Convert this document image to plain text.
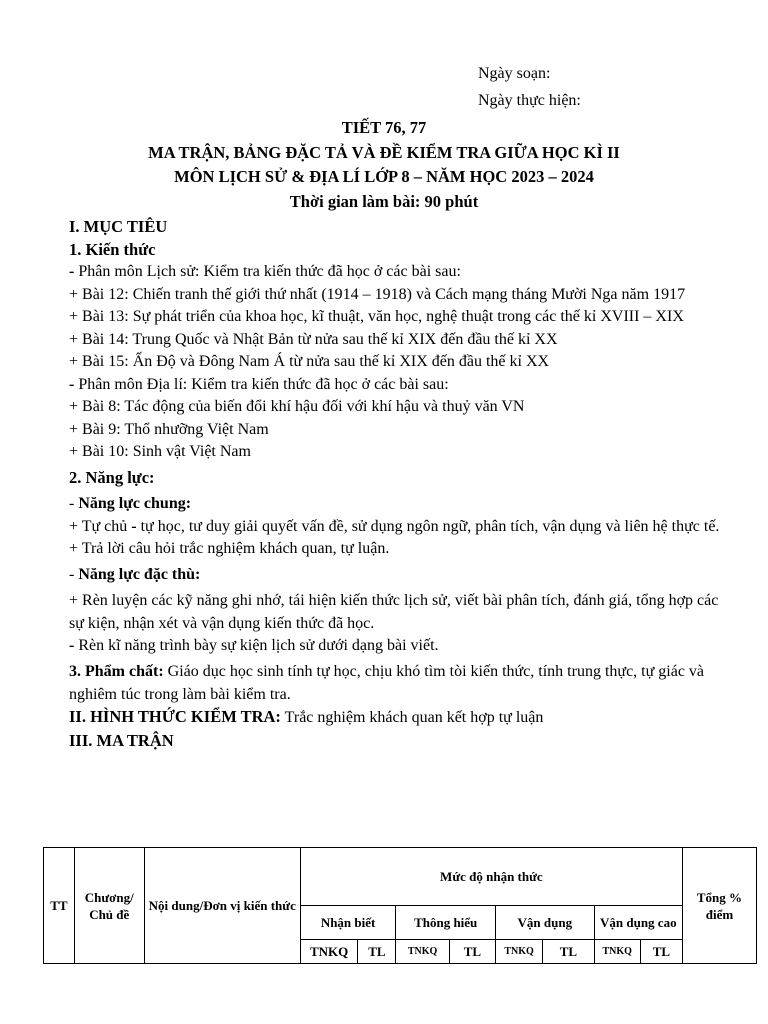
Ngày soạn:
Ngày thực hiện:
TIẾT 76, 77
MA TRẬN, BẢNG ĐẶC TẢ VÀ ĐỀ KIỂM TRA GIỮA HỌC KÌ II
MÔN LỊCH SỬ & ĐỊA LÍ LỚP 8 – NĂM HỌC 2023 – 2024
Thời gian làm bài: 90 phút

I. MỤC TIÊU

1. Kiến thức

- Phân môn Lịch sử: Kiểm tra kiến thức đã học ở các bài sau:

+ Bài 12: Chiến tranh thế giới thứ nhất (1914 – 1918) và Cách mạng tháng Mười Nga năm 1917

+ Bài 13: Sự phát triển của khoa học, kĩ thuật, văn học, nghệ thuật trong các thế kỉ XVIII – XIX

+ Bài 14: Trung Quốc và Nhật Bản từ nửa sau thế kỉ XIX đến đầu thế kỉ XX

+ Bài 15: Ấn Độ và Đông Nam Á từ nửa sau thế kỉ XIX đến đầu thế kỉ XX

- Phân môn Địa lí: Kiểm tra kiến thức đã học ở các bài sau:

+ Bài 8: Tác động của biến đổi khí hậu đối với khí hậu và thuỷ văn VN

+ Bài 9: Thổ nhưỡng Việt Nam

+ Bài 10: Sinh vật Việt Nam

2. Năng lực:

- Năng lực chung:

+ Tự chủ - tự học, tư duy giải quyết vấn đề, sử dụng ngôn ngữ, phân tích, vận dụng và liên hệ thực tế.

+ Trả lời câu hỏi trắc nghiệm khách quan, tự luận.

- Năng lực đặc thù:

+ Rèn luyện các kỹ năng ghi nhớ, tái hiện kiến thức lịch sử, viết bài phân tích, đánh giá, tổng hợp các sự kiện, nhận xét và vận dụng kiến thức đã học.

- Rèn kĩ năng trình bày sự kiện lịch sử dưới dạng bài viết.

3. Phẩm chất: Giáo dục học sinh tính tự học, chịu khó tìm tòi kiến thức, tính trung thực, tự giác và nghiêm túc trong làm bài kiểm tra.

II. HÌNH THỨC KIỂM TRA: Trắc nghiệm khách quan kết hợp tự luận

III. MA TRẬN

TT	Chương/ Chủ đề	Nội dung/Đơn vị kiến thức	Mức độ nhận thức								Tổng % điểm
			Nhận biết		Thông hiểu		Vận dụng		Vận dụng cao		
			TNKQ	TL	TNKQ	TL	TNKQ	TL	TNKQ	TL	
